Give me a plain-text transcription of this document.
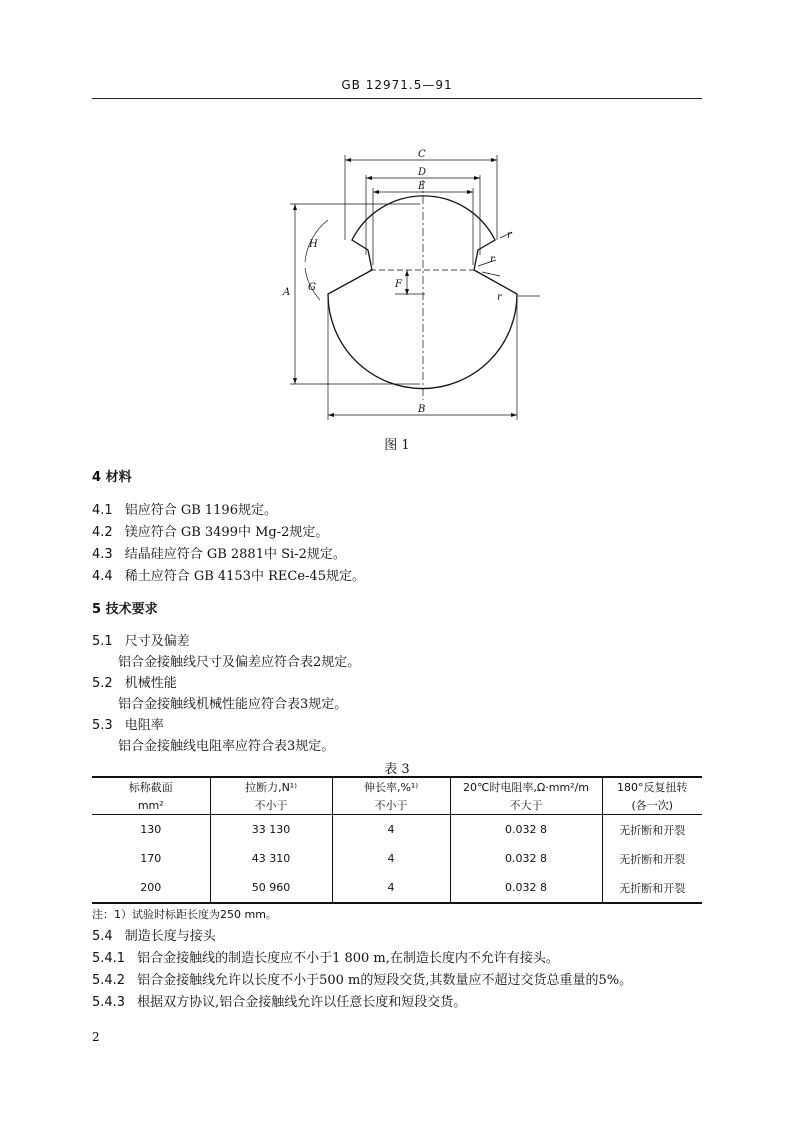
GB 12971.5—91
C
D
E
B
A
F
G
H
r
r
r
图 1
4 材料
4.1 铝应符合 GB 1196规定。
4.2 镁应符合 GB 3499中 Mg-2规定。
4.3 结晶硅应符合 GB 2881中 Si-2规定。
4.4 稀土应符合 GB 4153中 RECe-45规定。
5 技术要求
5.1 尺寸及偏差
铝合金接触线尺寸及偏差应符合表2规定。
5.2 机械性能
铝合金接触线机械性能应符合表3规定。
5.3 电阻率
铝合金接触线电阻率应符合表3规定。
表 3
标称截面	拉断力,N¹⁾	伸长率,%¹⁾	20℃时电阻率,Ω·mm²/m	180°反复扭转
mm²	不小于	不小于	不大于	(各一次)
130	33 130	4	0.032 8	无折断和开裂
170	43 310	4	0.032 8	无折断和开裂
200	50 960	4	0.032 8	无折断和开裂
注：1）试验时标距长度为250 mm。
5.4 制造长度与接头
5.4.1 铝合金接触线的制造长度应不小于1 800 m,在制造长度内不允许有接头。
5.4.2 铝合金接触线允许以长度不小于500 m的短段交货,其数量应不超过交货总重量的5%。
5.4.3 根据双方协议,铝合金接触线允许以任意长度和短段交货。
2
